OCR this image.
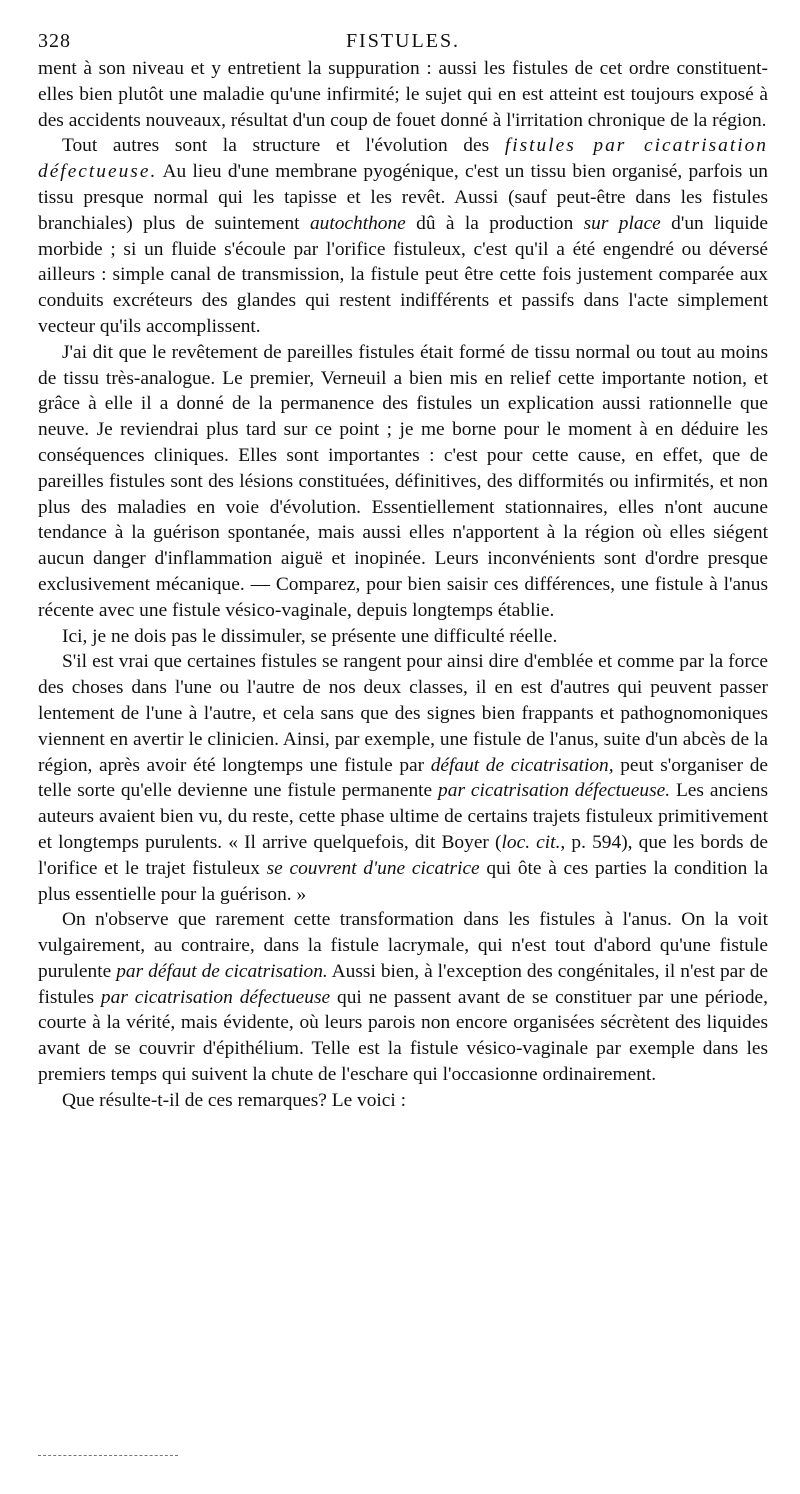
328	FISTULES.

ment à son niveau et y entretient la suppuration : aussi les fistules de cet ordre constituent-elles bien plutôt une maladie qu'une infirmité; le sujet qui en est atteint est toujours exposé à des accidents nouveaux, résultat d'un coup de fouet donné à l'irritation chronique de la région.

Tout autres sont la structure et l'évolution des fistules par cicatrisation défectueuse. Au lieu d'une membrane pyogénique, c'est un tissu bien organisé, parfois un tissu presque normal qui les tapisse et les revêt. Aussi (sauf peut-être dans les fistules branchiales) plus de suintement autochthone dû à la production sur place d'un liquide morbide ; si un fluide s'écoule par l'orifice fistuleux, c'est qu'il a été engendré ou déversé ailleurs : simple canal de transmission, la fistule peut être cette fois justement comparée aux conduits excréteurs des glandes qui restent indifférents et passifs dans l'acte simplement vecteur qu'ils accomplissent.

J'ai dit que le revêtement de pareilles fistules était formé de tissu normal ou tout au moins de tissu très-analogue. Le premier, Verneuil a bien mis en relief cette importante notion, et grâce à elle il a donné de la permanence des fistules un explication aussi rationnelle que neuve. Je reviendrai plus tard sur ce point ; je me borne pour le moment à en déduire les conséquences cliniques. Elles sont importantes : c'est pour cette cause, en effet, que de pareilles fistules sont des lésions constituées, définitives, des difformités ou infirmités, et non plus des maladies en voie d'évolution. Essentiellement stationnaires, elles n'ont aucune tendance à la guérison spontanée, mais aussi elles n'apportent à la région où elles siégent aucun danger d'inflammation aiguë et inopinée. Leurs inconvénients sont d'ordre presque exclusivement mécanique. — Comparez, pour bien saisir ces différences, une fistule à l'anus récente avec une fistule vésico-vaginale, depuis longtemps établie.

Ici, je ne dois pas le dissimuler, se présente une difficulté réelle.

S'il est vrai que certaines fistules se rangent pour ainsi dire d'emblée et comme par la force des choses dans l'une ou l'autre de nos deux classes, il en est d'autres qui peuvent passer lentement de l'une à l'autre, et cela sans que des signes bien frappants et pathognomoniques viennent en avertir le clinicien. Ainsi, par exemple, une fistule de l'anus, suite d'un abcès de la région, après avoir été longtemps une fistule par défaut de cicatrisation, peut s'organiser de telle sorte qu'elle devienne une fistule permanente par cicatrisation défectueuse. Les anciens auteurs avaient bien vu, du reste, cette phase ultime de certains trajets fistuleux primitivement et longtemps purulents. « Il arrive quelquefois, dit Boyer (loc. cit., p. 594), que les bords de l'orifice et le trajet fistuleux se couvrent d'une cicatrice qui ôte à ces parties la condition la plus essentielle pour la guérison. »

On n'observe que rarement cette transformation dans les fistules à l'anus. On la voit vulgairement, au contraire, dans la fistule lacrymale, qui n'est tout d'abord qu'une fistule purulente par défaut de cicatrisation. Aussi bien, à l'exception des congénitales, il n'est par de fistules par cicatrisation défectueuse qui ne passent avant de se constituer par une période, courte à la vérité, mais évidente, où leurs parois non encore organisées sécrètent des liquides avant de se couvrir d'épithélium. Telle est la fistule vésico-vaginale par exemple dans les premiers temps qui suivent la chute de l'eschare qui l'occasionne ordinairement.

Que résulte-t-il de ces remarques? Le voici :
